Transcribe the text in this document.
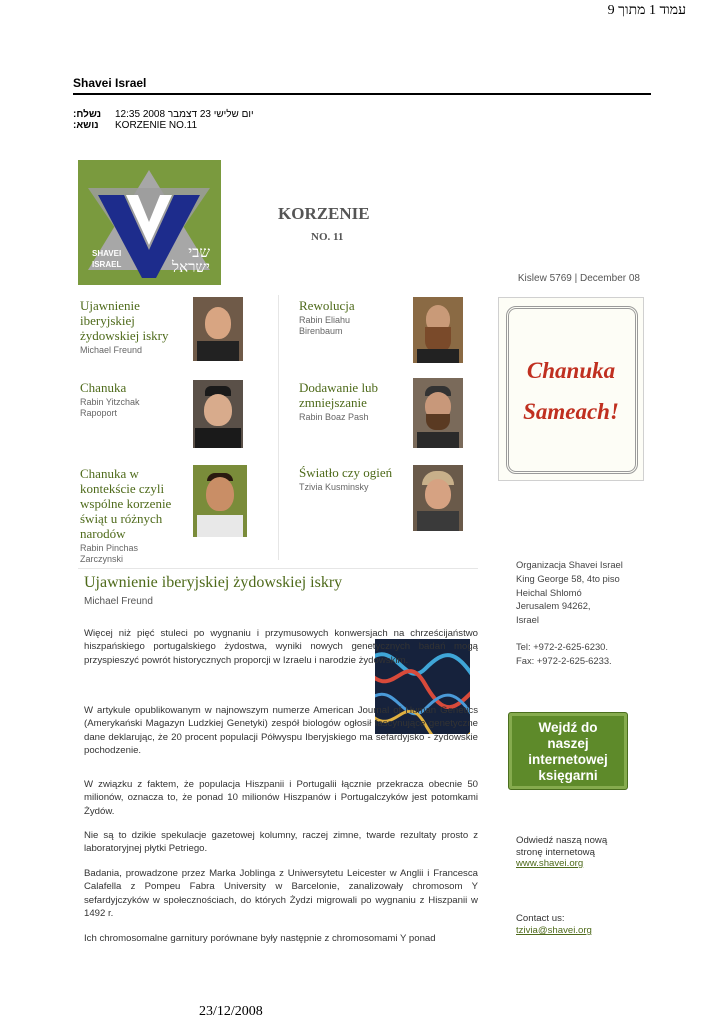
עמוד 1 מתוך 9
Shavei Israel
נשלח: יום שלישי 23 דצמבר 2008 12:35
נושא: KORZENIE NO.11
SHAVEI ISRAEL
שבי ישראל
KORZENIE
NO. 11
Kislew 5769 | December 08
Ujawnienie iberyjskiej żydowskiej iskry
Michael Freund
Rewolucja
Rabin Eliahu Birenbaum
Chanuka
Rabin Yitzchak Rapoport
Dodawanie lub zmniejszanie
Rabin Boaz Pash
Chanuka w kontekście czyli wspólne korzenie świąt u różnych narodów
Rabin Pinchas Zarczynski
Światło czy ogień
Tzivia Kusminsky
Chanuka
Sameach!
Ujawnienie iberyjskiej żydowskiej iskry
Michael Freund
Więcej niż pięć stuleci po wygnaniu i przymusowych konwersjach na chrześcijaństwo hiszpańskiego portugalskiego żydostwa, wyniki nowych genetycznych badań mogą przyspieszyć powrót historycznych proporcji w Izraelu i narodzie żydowskim.
W artykule opublikowanym w najnowszym numerze American Journal of Human Genetics (Amerykański Magazyn Ludzkiej Genetyki) zespół biologów ogłosił fascynujące genetyczne dane deklarując, że 20 procent populacji Półwyspu Iberyjskiego ma sefardyjsko - żydowskie pochodzenie.
W związku z faktem, że populacja Hiszpanii i Portugalii łącznie przekracza obecnie 50 milionów, oznacza to, że ponad 10 milionów Hiszpanów i Portugalczyków jest potomkami Żydów.
Nie są to dzikie spekulacje gazetowej kolumny, raczej zimne, twarde rezultaty prosto z laboratoryjnej płytki Petriego.
Badania, prowadzone przez Marka Joblinga z Uniwersytetu Leicester w Anglii i Francesca Calafella z Pompeu Fabra University w Barcelonie, zanalizowały chromosom Y sefardyjczyków w społecznościach, do których Żydzi migrowali po wygnaniu z Hiszpanii w 1492 r.
Ich chromosomalne garnitury porównane były następnie z chromosomami Y ponad
Organizacja Shavei Israel
King George 58, 4to piso
Heichal Shlomó
Jerusalem 94262,
Israel
Tel: +972-2-625-6230.
Fax: +972-2-625-6233.
Wejdź do naszej internetowej księgarni
Odwiedź naszą nową stronę internetową
www.shavei.org
Contact us:
tzivia@shavei.org
23/12/2008
